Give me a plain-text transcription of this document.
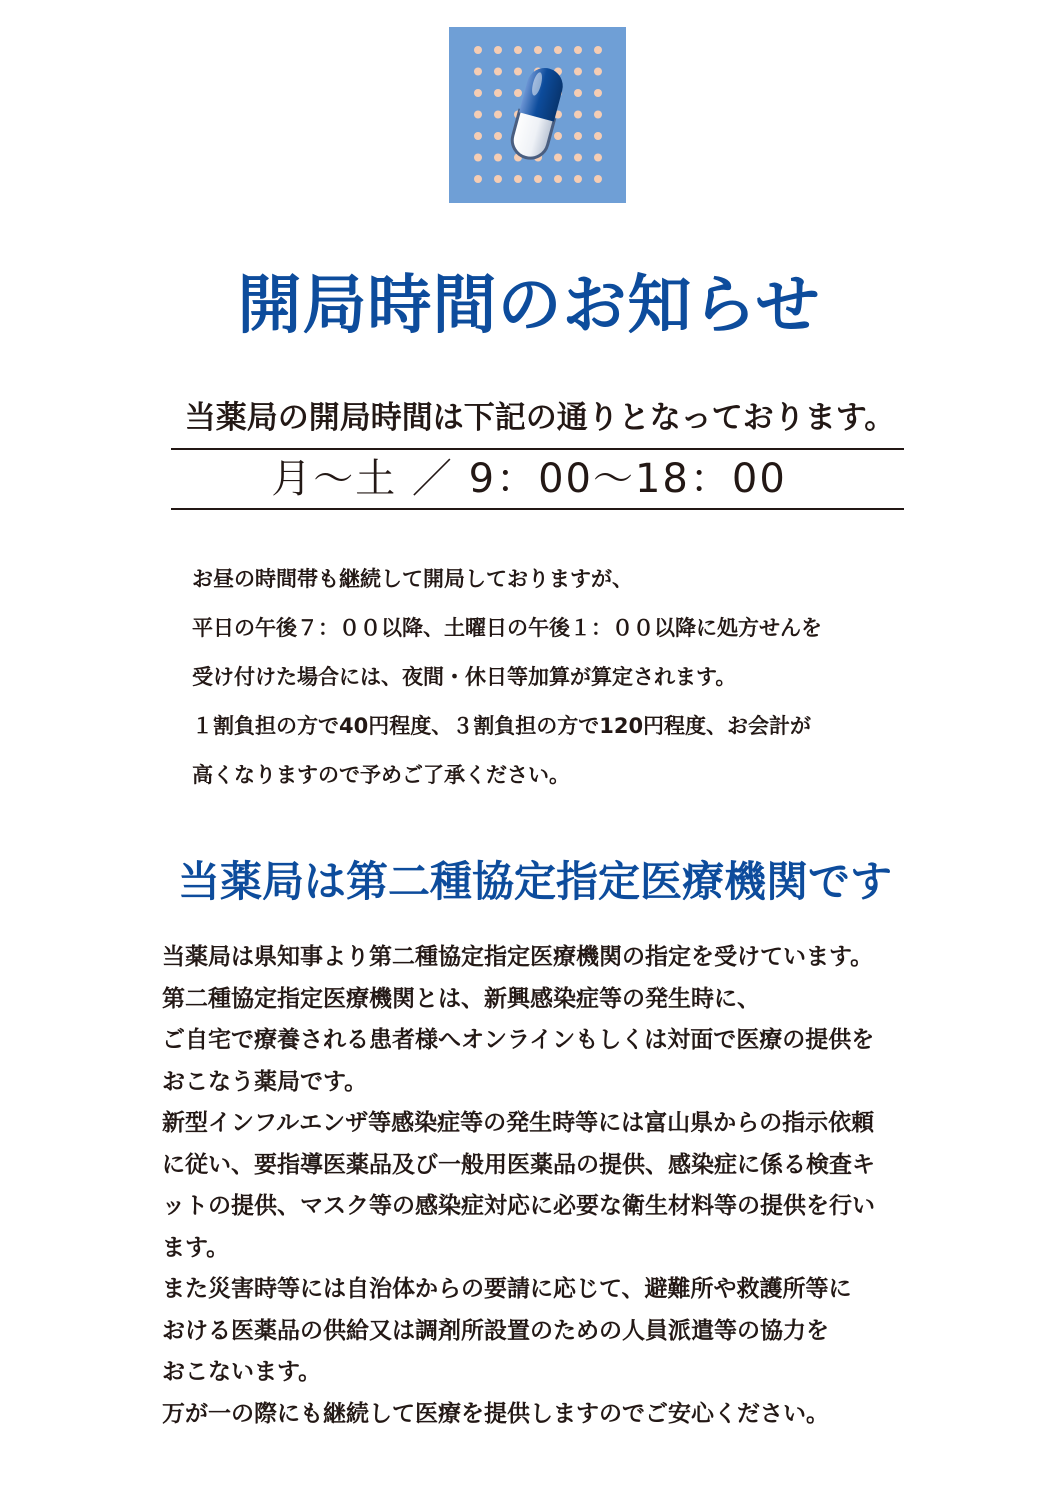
開局時間のお知らせ
当薬局の開局時間は下記の通りとなっております。
月〜土 ／ 9：00〜18：00
お昼の時間帯も継続して開局しておりますが、
平日の午後７：００以降、土曜日の午後１：００以降に処方せんを
受け付けた場合には、夜間・休日等加算が算定されます。
１割負担の方で40円程度、３割負担の方で120円程度、お会計が
高くなりますので予めご了承ください。
当薬局は第二種協定指定医療機関です
当薬局は県知事より第二種協定指定医療機関の指定を受けています。
第二種協定指定医療機関とは、新興感染症等の発生時に、
ご自宅で療養される患者様へオンラインもしくは対面で医療の提供を
おこなう薬局です。
新型インフルエンザ等感染症等の発生時等には富山県からの指示依頼
に従い、要指導医薬品及び一般用医薬品の提供、感染症に係る検査キ
ットの提供、マスク等の感染症対応に必要な衛生材料等の提供を行い
ます。
また災害時等には自治体からの要請に応じて、避難所や救護所等に
おける医薬品の供給又は調剤所設置のための人員派遣等の協力を
おこないます。
万が一の際にも継続して医療を提供しますのでご安心ください。
